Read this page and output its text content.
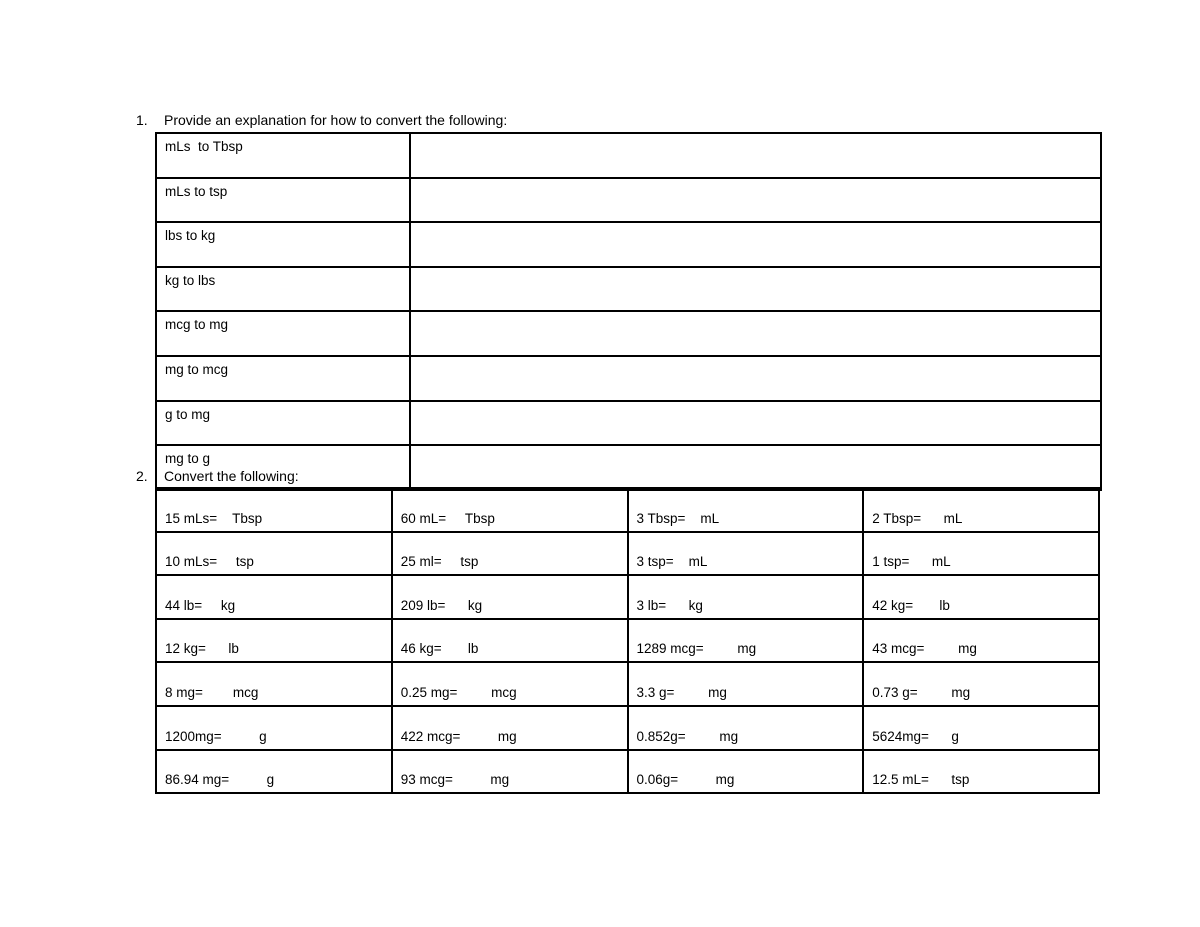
1. Provide an explanation for how to convert the following:
mLs  to Tbsp	
mLs to tsp	
lbs to kg	
kg to lbs	
mcg to mg	
mg to mcg	
g to mg	
mg to g	
2. Convert the following:
15 mLs=    Tbsp	60 mL=     Tbsp	3 Tbsp=    mL	2 Tbsp=      mL
10 mLs=     tsp	25 ml=     tsp	3 tsp=    mL	1 tsp=      mL
44 lb=     kg	209 lb=      kg	3 lb=      kg	42 kg=       lb
12 kg=      lb	46 kg=       lb	1289 mcg=         mg	43 mcg=         mg
8 mg=        mcg	0.25 mg=         mcg	3.3 g=         mg	0.73 g=         mg
1200mg=          g	422 mcg=          mg	0.852g=         mg	5624mg=      g
86.94 mg=          g	93 mcg=          mg	0.06g=          mg	12.5 mL=      tsp
